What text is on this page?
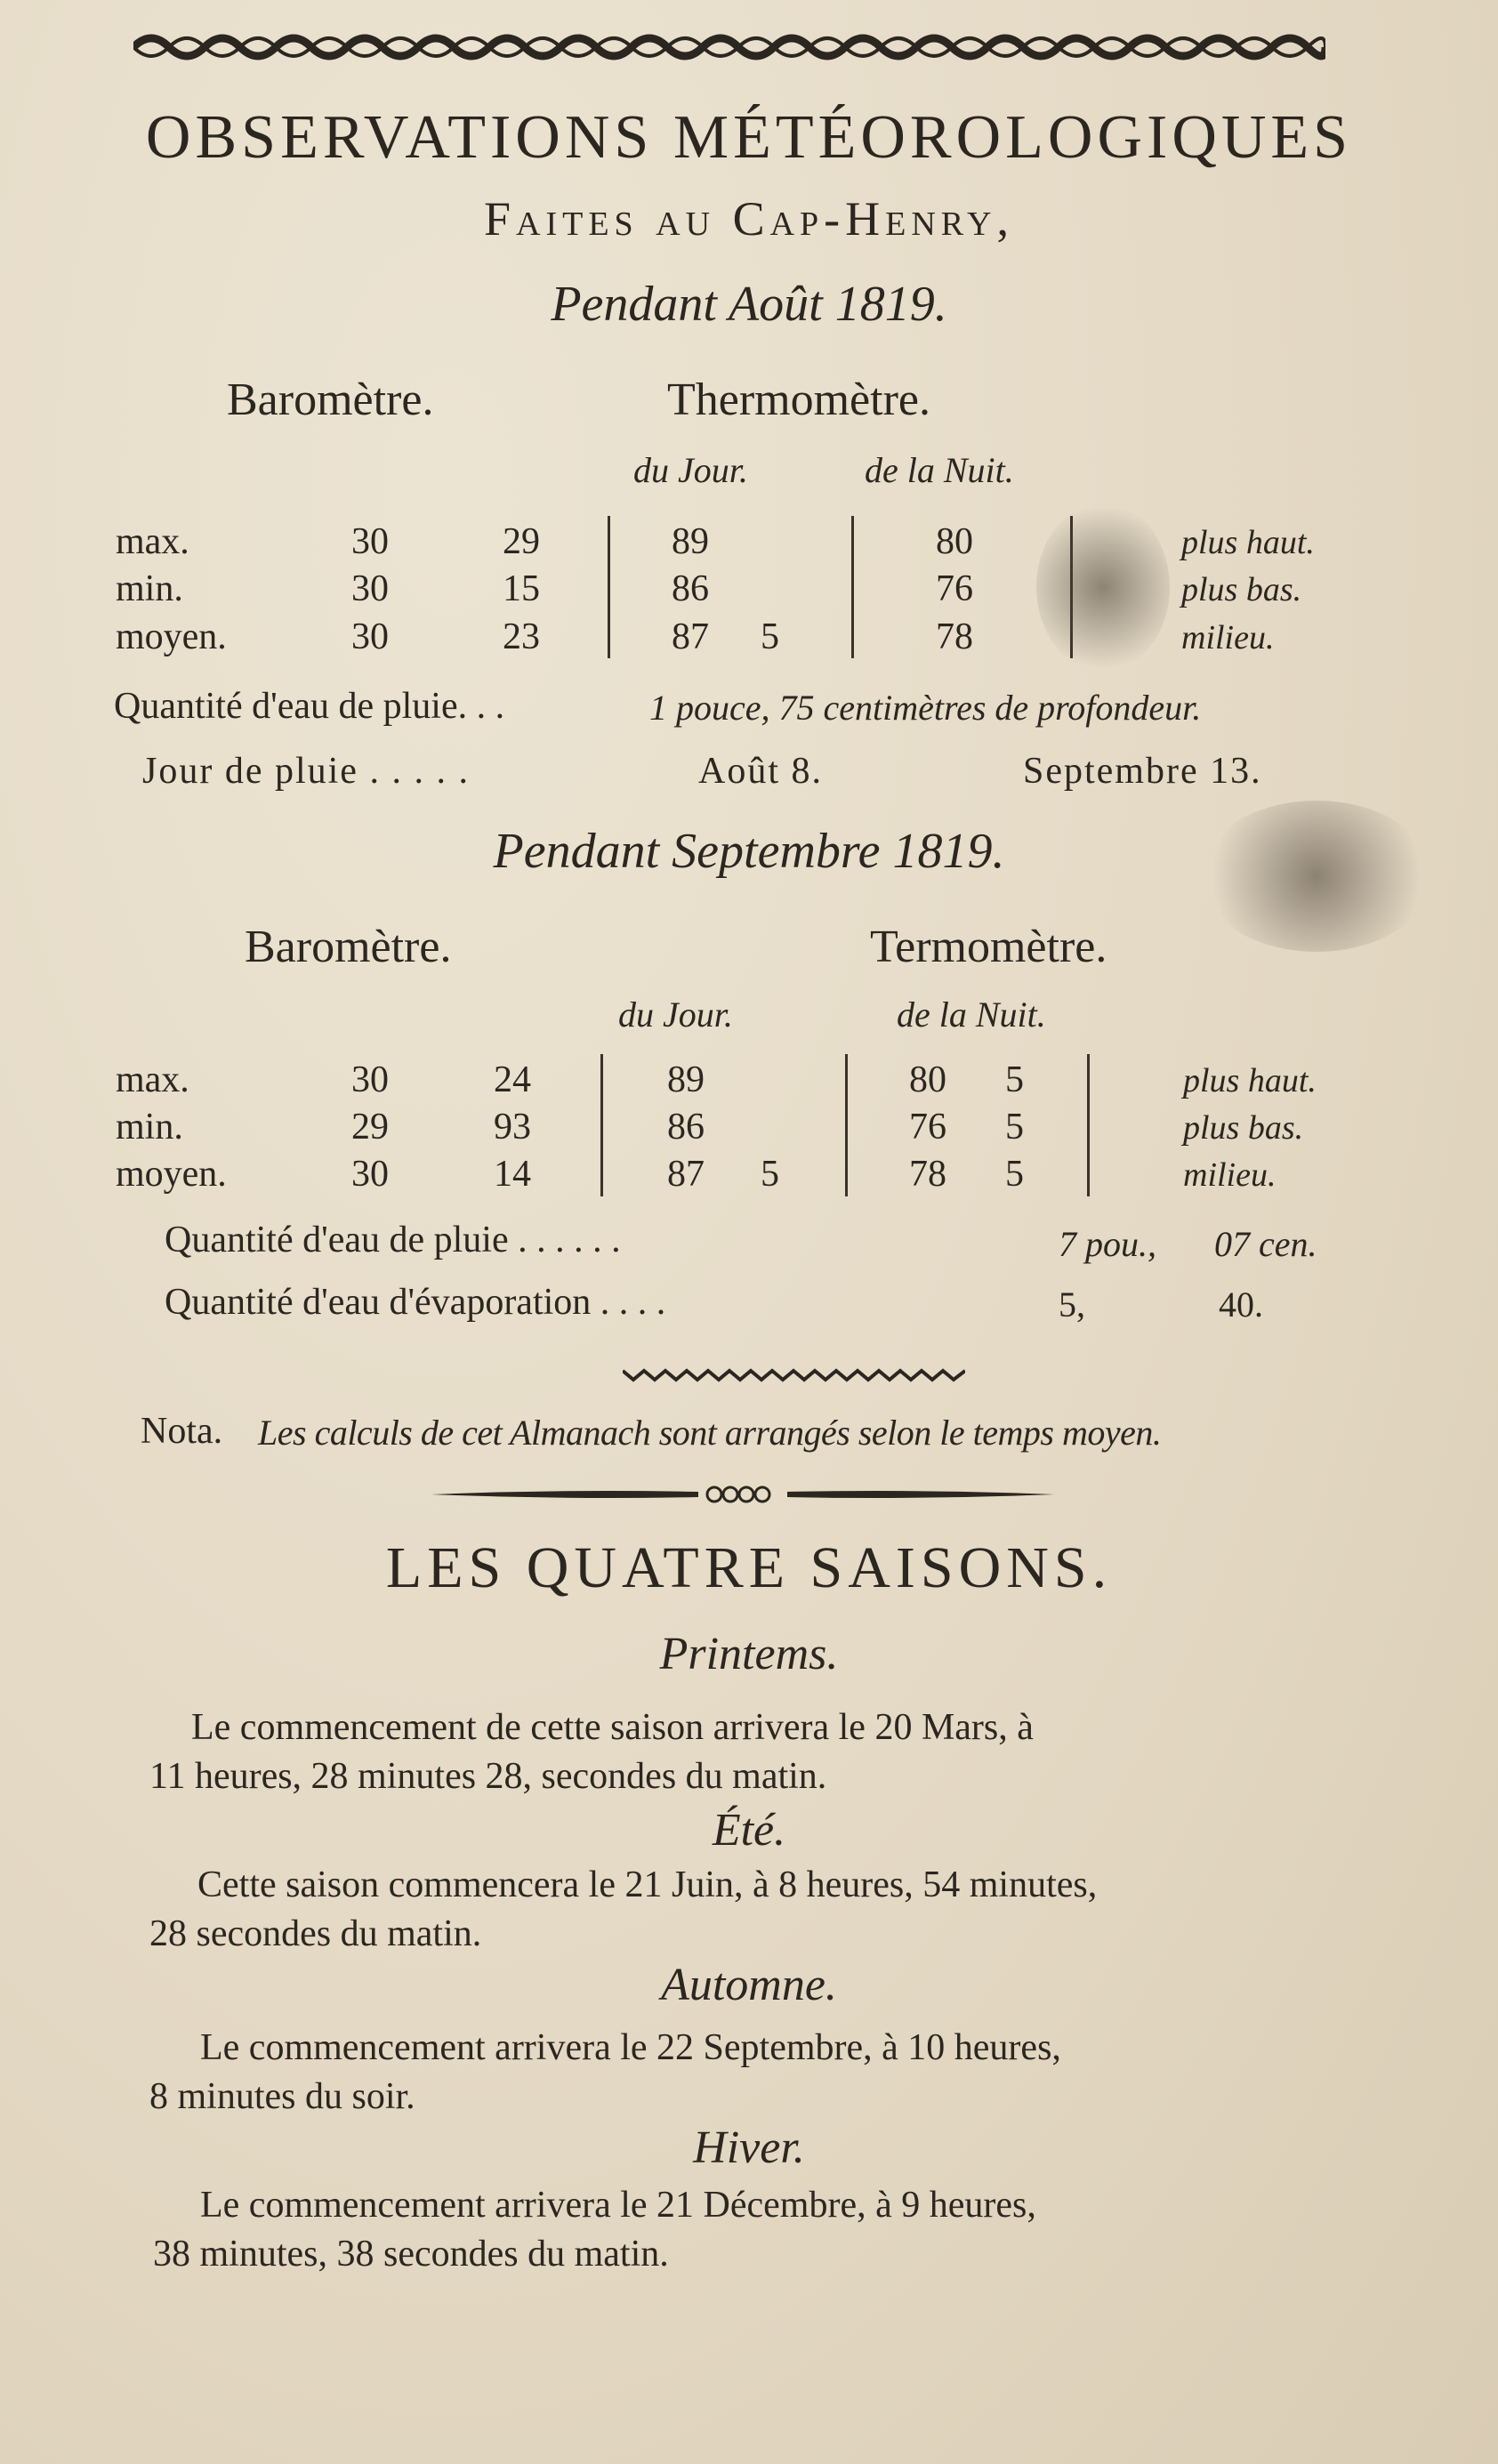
OBSERVATIONS MÉTÉOROLOGIQUES
Faites au Cap-Henry,
Pendant Août 1819.
Baromètre.	Thermomètre.
du Jour.	de la Nuit.
max.	30	29	89	80	plus haut.
min.	30	15	86	76	plus bas.
moyen.	30	23	87 5	78	milieu.
Quantité d'eau de pluie. . .	1 pouce, 75 centimètres de profondeur.
Jour de pluie . . . . .	Août 8.	Septembre 13.
Pendant Septembre 1819.
Baromètre.	Termomètre.
du Jour.	de la Nuit.
max.	30	24	89	80 5	plus haut.
min.	29	93	86	76 5	plus bas.
moyen.	30	14	87 5	78 5	milieu.
Quantité d'eau de pluie . . . . . .	7 pou., 07 cen.
Quantité d'eau d'évaporation . . . .	5,	40.
Nota. Les calculs de cet Almanach sont arrangés selon le temps moyen.
LES QUATRE SAISONS.
Printems.
Le commencement de cette saison arrivera le 20 Mars, à
11 heures, 28 minutes 28, secondes du matin.
Été.
Cette saison commencera le 21 Juin, à 8 heures, 54 minutes,
28 secondes du matin.
Automne.
Le commencement arrivera le 22 Septembre, à 10 heures,
8 minutes du soir.
Hiver.
Le commencement arrivera le 21 Décembre, à 9 heures,
38 minutes, 38 secondes du matin.
